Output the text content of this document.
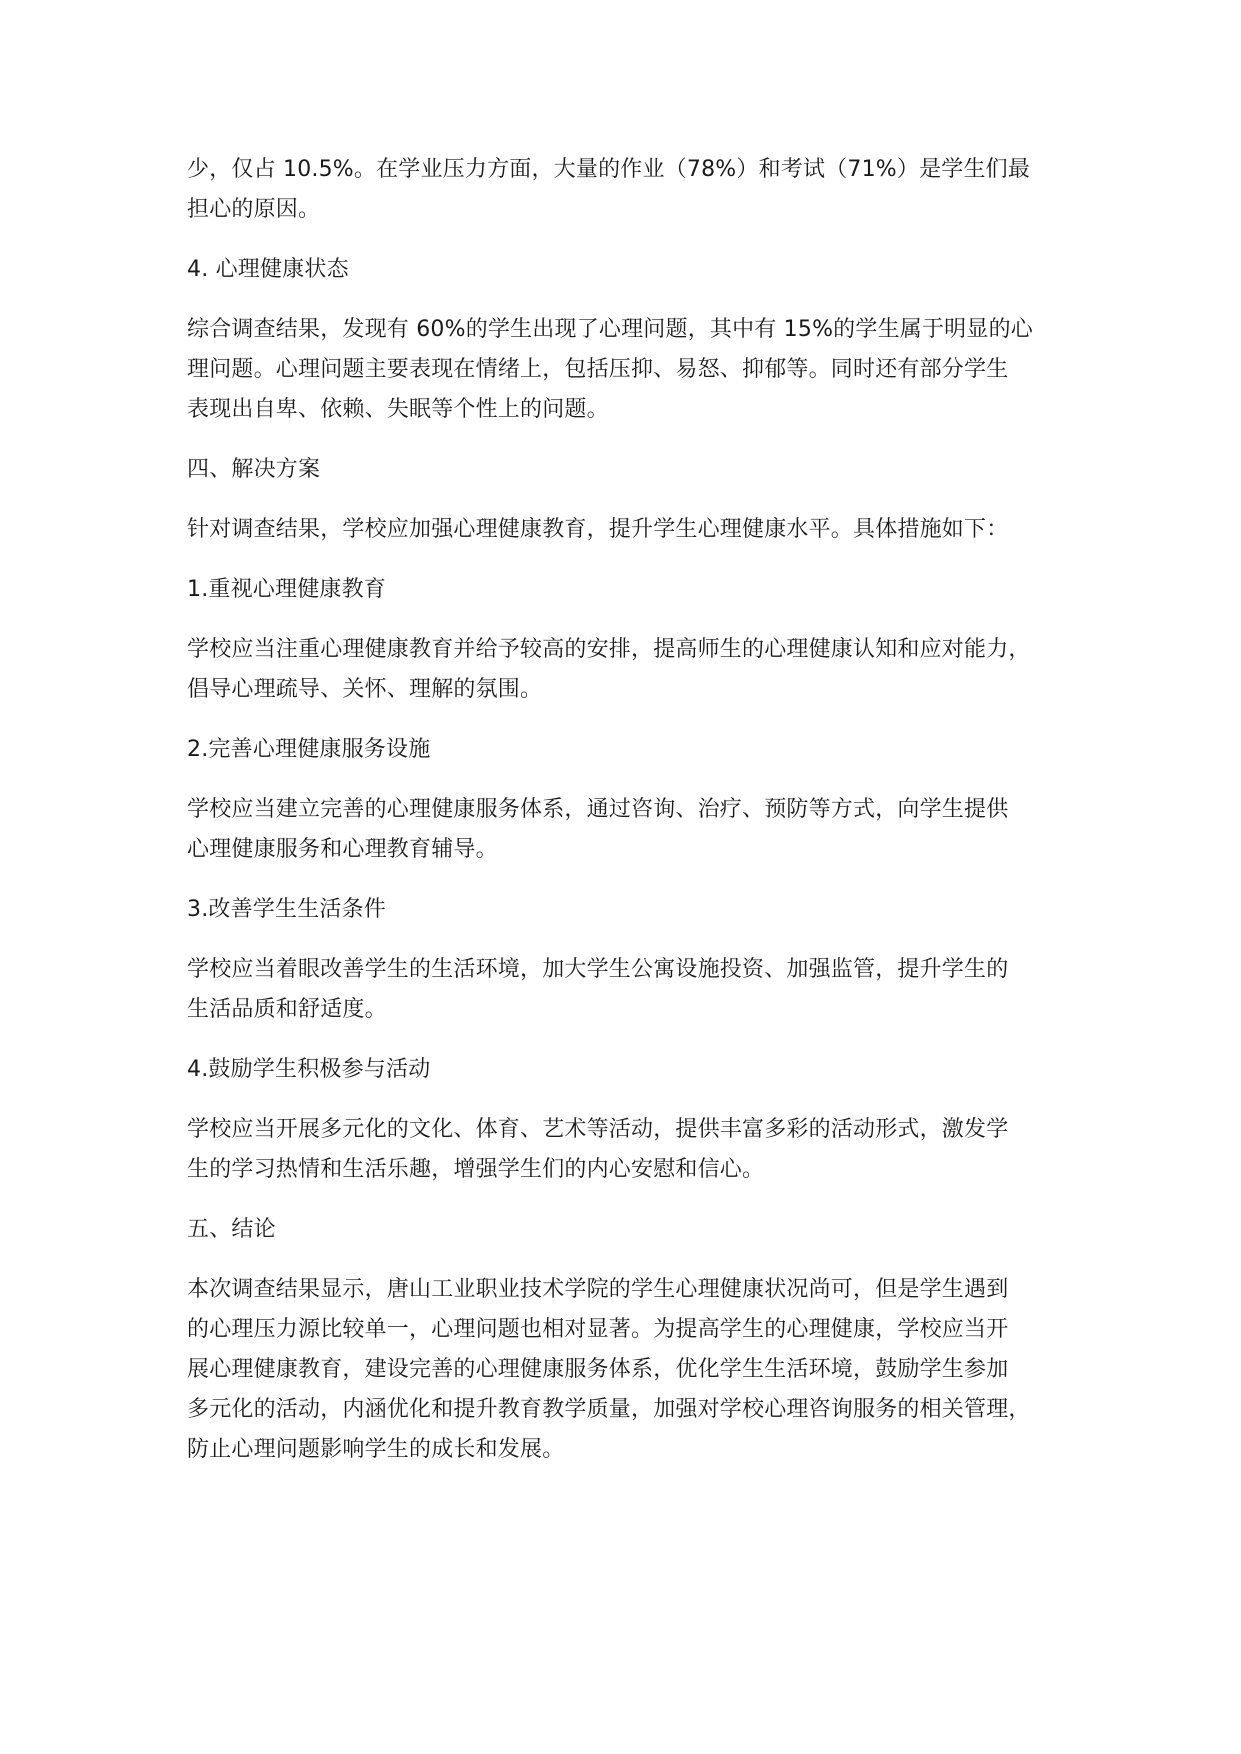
少，仅占 10.5%。在学业压力方面，大量的作业（78%）和考试（71%）是学生们最
担心的原因。
4. 心理健康状态
综合调查结果，发现有 60%的学生出现了心理问题，其中有 15%的学生属于明显的心
理问题。心理问题主要表现在情绪上，包括压抑、易怒、抑郁等。同时还有部分学生
表现出自卑、依赖、失眠等个性上的问题。
四、解决方案
针对调查结果，学校应加强心理健康教育，提升学生心理健康水平。具体措施如下：
1.重视心理健康教育
学校应当注重心理健康教育并给予较高的安排，提高师生的心理健康认知和应对能力，
倡导心理疏导、关怀、理解的氛围。
2.完善心理健康服务设施
学校应当建立完善的心理健康服务体系，通过咨询、治疗、预防等方式，向学生提供
心理健康服务和心理教育辅导。
3.改善学生生活条件
学校应当着眼改善学生的生活环境，加大学生公寓设施投资、加强监管，提升学生的
生活品质和舒适度。
4.鼓励学生积极参与活动
学校应当开展多元化的文化、体育、艺术等活动，提供丰富多彩的活动形式，激发学
生的学习热情和生活乐趣，增强学生们的内心安慰和信心。
五、结论
本次调查结果显示，唐山工业职业技术学院的学生心理健康状况尚可，但是学生遇到
的心理压力源比较单一，心理问题也相对显著。为提高学生的心理健康，学校应当开
展心理健康教育，建设完善的心理健康服务体系，优化学生生活环境，鼓励学生参加
多元化的活动，内涵优化和提升教育教学质量，加强对学校心理咨询服务的相关管理，
防止心理问题影响学生的成长和发展。
